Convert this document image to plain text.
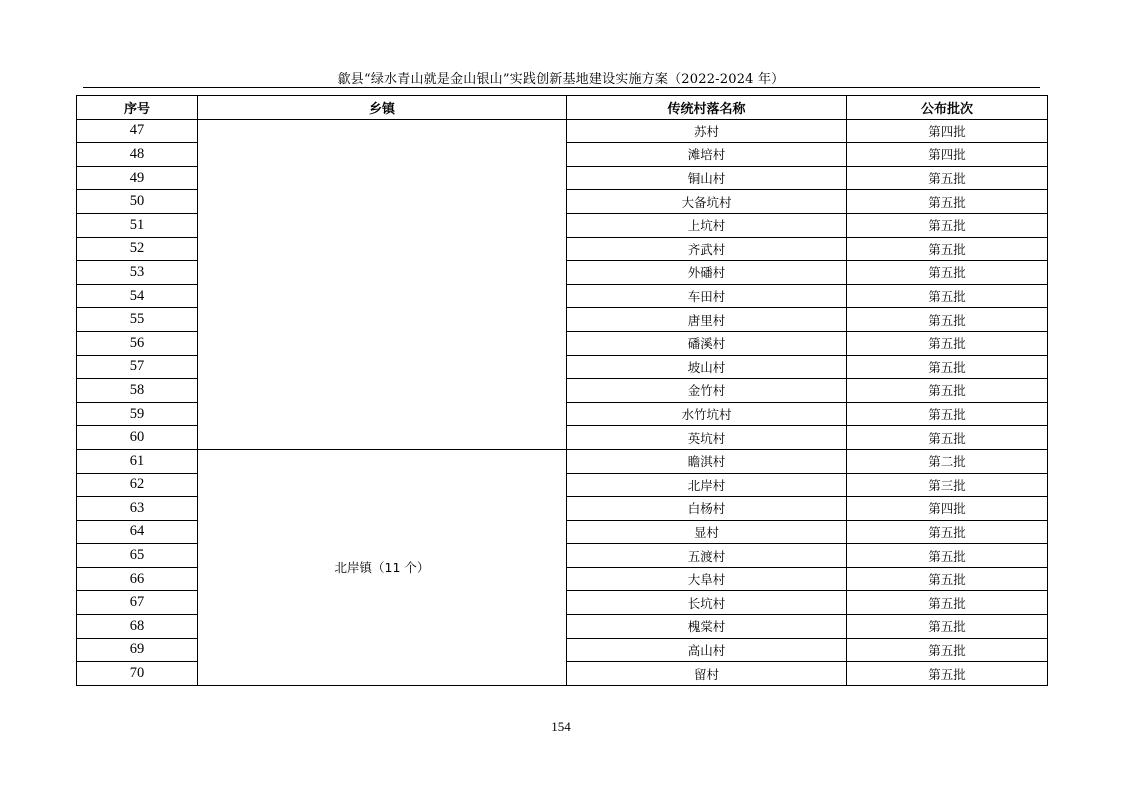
歙县“绿水青山就是金山银山”实践创新基地建设实施方案（2022-2024 年）
序号	乡镇	传统村落名称	公布批次
47		苏村	第四批
48		滩培村	第四批
49		铜山村	第五批
50		大备坑村	第五批
51		上坑村	第五批
52		齐武村	第五批
53		外磻村	第五批
54		车田村	第五批
55		唐里村	第五批
56		磻溪村	第五批
57		坡山村	第五批
58		金竹村	第五批
59		水竹坑村	第五批
60		英坑村	第五批
61	北岸镇（11 个）	瞻淇村	第二批
62		北岸村	第三批
63		白杨村	第四批
64		显村	第五批
65		五渡村	第五批
66		大阜村	第五批
67		长坑村	第五批
68		槐棠村	第五批
69		高山村	第五批
70		留村	第五批
154
